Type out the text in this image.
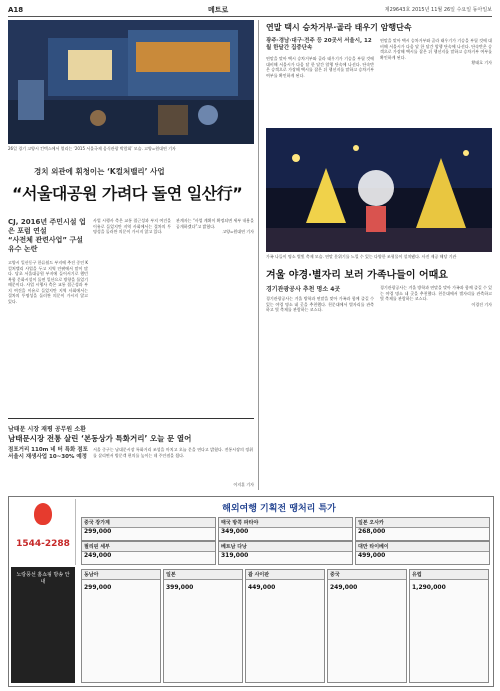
A18	메트로	제29643호 2015년 11월 26일 수요일 동아일보
26일 경기 고양시 킨텍스에서 열리는 ‘2015 서울국제 음식관광 박람회’ 모습. 고양=원대연 기자
경치 외관에 휘청이는 ‘K컬처밸리’ 사업
“서울대공원 가려다 돌연 일산行”
CJ, 2016년 주민시설 업은 포럼 연설
“사전체 관련사업” 구설 유수 논란
고양시 일산동구 한류월드 부지에 추진 중인 K컬처밸리 사업을 두고 지역 안팎에서 말이 많다. 당초 서울대공원 부지에 들어서기로 했던 복합 문화시설이 돌연 일산으로 방향을 틀었기 때문이다. 사업 시행사 측은 교통 접근성과 부지 여건을 이유로 들었지만 지역 사회에서는 절차의 투명성을 둘러싼 의문이 가시지 않고 있다.
사업 시행사 측은 교통 접근성과 부지 여건을 이유로 들었지만 지역 사회에서는 절차의 투명성을 둘러싼 의문이 가시지 않고 있다.
관계자는 “사업 계획이 확정되면 세부 내용을 공개하겠다”고 밝혔다.
고양=원대연 기자
남태문 시장 재평 공무원 소환
남태문시장 전통 살린 ‘본동상가 특화거리’ 오늘 문 열어
점포거리 110m 네 터 특화 점포 서울시 재생사업 10~30% 예정
서울 중구는 남대문시장 특화거리 조성을 마치고 오늘 문을 연다고 밝혔다. 전통시장의 정취를 살리면서 방문객 편의를 높이는 데 주안점을 뒀다.
이지훈 기자
연말 택시 승차거부·골라 태우기 암행단속
광주·경남·대구·전주 등 20곳서 서울시, 12월 한달간 집중단속
연말을 맞아 택시 승차거부와 골라 태우기가 기승을 부릴 것에 대비해 서울시가 다음 달 한 달간 암행 단속에 나선다. 단속반은 승객으로 가장해 택시를 잡은 뒤 행선지를 말하고 승차거부 여부를 확인하게 된다.
연말을 맞아 택시 승차거부와 골라 태우기가 기승을 부릴 것에 대비해 서울시가 다음 달 한 달간 암행 단속에 나선다. 단속반은 승객으로 가장해 택시를 잡은 뒤 행선지를 말하고 승차거부 여부를 확인하게 된다.
황태호 기자
가족 나들이 명소 별빛 축제 모습. 연말 분위기를 느낄 수 있는 다양한 조형물이 설치됐다. 사진 제공 해당 기관
겨울 야경·별자리 보러 가족나들이 어때요
경기관광공사 추천 명소 4곳
경기관광공사는 겨울 방학과 연말을 맞아 가족과 함께 즐길 수 있는 야경 명소 네 곳을 추천했다. 천문대에서 별자리를 관측하고 빛 축제를 관람하는 코스다.
경기관광공사는 겨울 방학과 연말을 맞아 가족과 함께 즐길 수 있는 야경 명소 네 곳을 추천했다. 천문대에서 별자리를 관측하고 빛 축제를 관람하는 코스다.
이경진 기자
1544-2288
해외여행 기획전 땡처리 특가
중국 장가계
299,000
태국 방콕 파타야
349,000
일본 오사카
268,000
필리핀 세부
249,000
베트남 다낭
319,000
대만 타이베이
499,000
동남아
299,000
일본
399,000
괌 사이판
449,000
중국
249,000
유럽
1,290,000
노랑풍선 홈쇼핑 방송 안내
